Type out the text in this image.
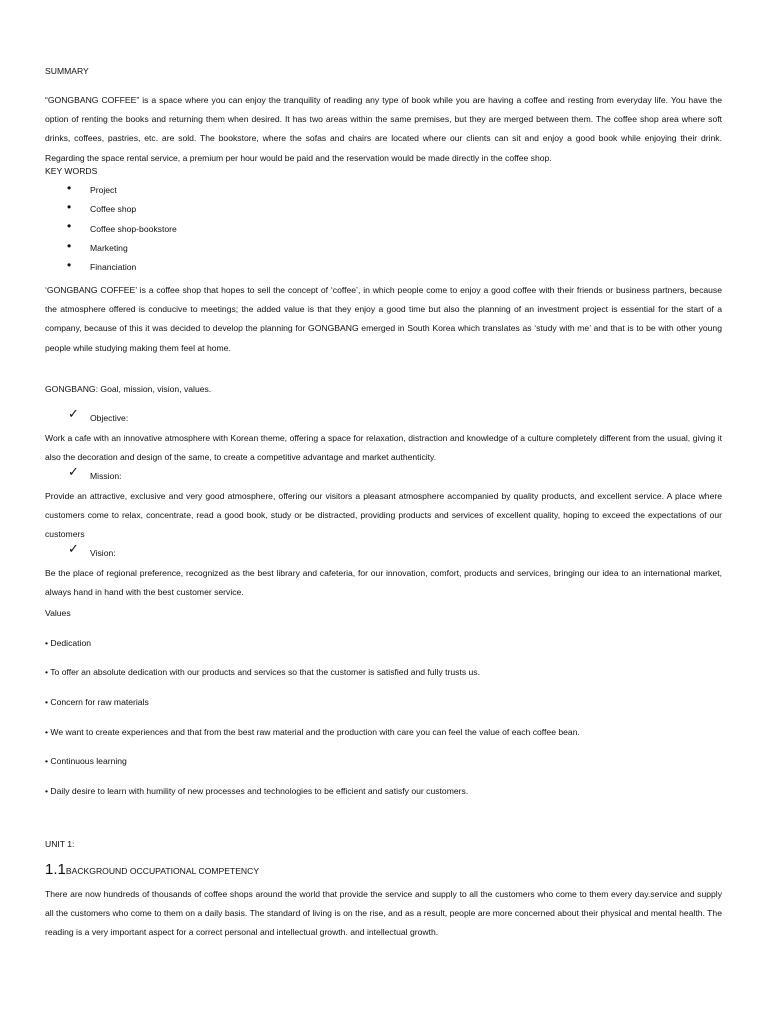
SUMMARY
“GONGBANG COFFEE” is a space where you can enjoy the tranquility of reading any type of book while you are having a coffee and resting from everyday life. You have the option of renting the books and returning them when desired. It has two areas within the same premises, but they are merged between them. The coffee shop area where soft drinks, coffees, pastries, etc. are sold. The bookstore, where the sofas and chairs are located where our clients can sit and enjoy a good book while enjoying their drink. Regarding the space rental service, a premium per hour would be paid and the reservation would be made directly in the coffee shop.
KEY WORDS
• Project
• Coffee shop
• Coffee shop-bookstore
• Marketing
• Financiation
‘GONGBANG COFFEE’ is a coffee shop that hopes to sell the concept of ‘coffee’, in which people come to enjoy a good coffee with their friends or business partners, because the atmosphere offered is conducive to meetings; the added value is that they enjoy a good time but also the planning of an investment project is essential for the start of a company, because of this it was decided to develop the planning for GONGBANG emerged in South Korea which translates as ‘study with me’ and that is to be with other young people while studying making them feel at home.
GONGBANG: Goal, mission, vision, values.
✓ Objective:
Work a cafe with an innovative atmosphere with Korean theme, offering a space for relaxation, distraction and knowledge of a culture completely different from the usual, giving it also the decoration and design of the same, to create a competitive advantage and market authenticity.
✓ Mission:
Provide an attractive, exclusive and very good atmosphere, offering our visitors a pleasant atmosphere accompanied by quality products, and excellent service. A place where customers come to relax, concentrate, read a good book, study or be distracted, providing products and services of excellent quality, hoping to exceed the expectations of our customers
✓ Vision:
Be the place of regional preference, recognized as the best library and cafeteria, for our innovation, comfort, products and services, bringing our idea to an international market, always hand in hand with the best customer service.
Values
• Dedication
• To offer an absolute dedication with our products and services so that the customer is satisfied and fully trusts us.
• Concern for raw materials
• We want to create experiences and that from the best raw material and the production with care you can feel the value of each coffee bean.
• Continuous learning
• Daily desire to learn with humility of new processes and technologies to be efficient and satisfy our customers.
UNIT 1:
1.1BACKGROUND OCCUPATIONAL COMPETENCY
There are now hundreds of thousands of coffee shops around the world that provide the service and supply to all the customers who come to them every day.service and supply all the customers who come to them on a daily basis. The standard of living is on the rise, and as a result, people are more concerned about their physical and mental health. The reading is a very important aspect for a correct personal and intellectual growth. and intellectual growth.
